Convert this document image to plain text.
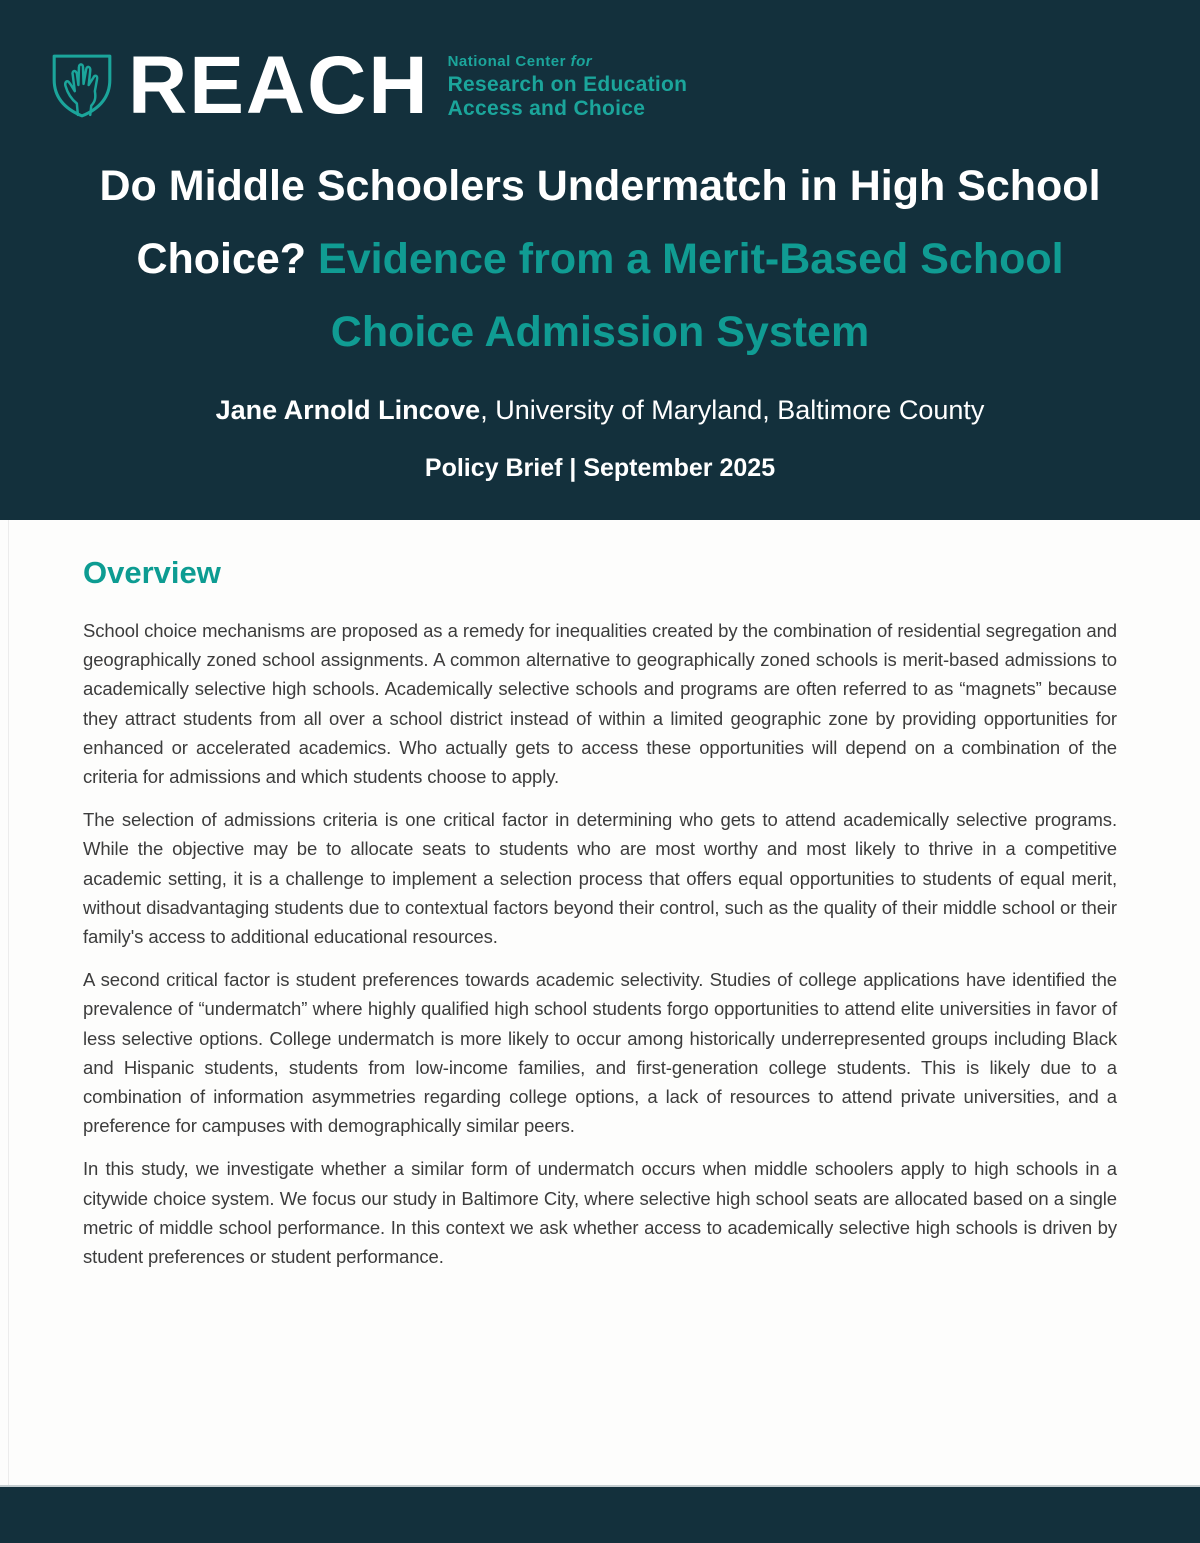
REACH National Center for
Research on Education
Access and Choice
Do Middle Schoolers Undermatch in High School
Choice? Evidence from a Merit-Based School
Choice Admission System

Jane Arnold Lincove, University of Maryland, Baltimore County

Policy Brief | September 2025

Overview

School choice mechanisms are proposed as a remedy for inequalities created by the combination of residential segregation and geographically zoned school assignments. A common alternative to geographically zoned schools is merit-based admissions to academically selective high schools. Academically selective schools and programs are often referred to as “magnets” because they attract students from all over a school district instead of within a limited geographic zone by providing opportunities for enhanced or accelerated academics. Who actually gets to access these opportunities will depend on a combination of the criteria for admissions and which students choose to apply.

The selection of admissions criteria is one critical factor in determining who gets to attend academically selective programs. While the objective may be to allocate seats to students who are most worthy and most likely to thrive in a competitive academic setting, it is a challenge to implement a selection process that offers equal opportunities to students of equal merit, without disadvantaging students due to contextual factors beyond their control, such as the quality of their middle school or their family's access to additional educational resources.

A second critical factor is student preferences towards academic selectivity. Studies of college applications have identified the prevalence of “undermatch” where highly qualified high school students forgo opportunities to attend elite universities in favor of less selective options. College undermatch is more likely to occur among historically underrepresented groups including Black and Hispanic students, students from low-income families, and first-generation college students. This is likely due to a combination of information asymmetries regarding college options, a lack of resources to attend private universities, and a preference for campuses with demographically similar peers.

In this study, we investigate whether a similar form of undermatch occurs when middle schoolers apply to high schools in a citywide choice system. We focus our study in Baltimore City, where selective high school seats are allocated based on a single metric of middle school performance. In this context we ask whether access to academically selective high schools is driven by student preferences or student performance.
